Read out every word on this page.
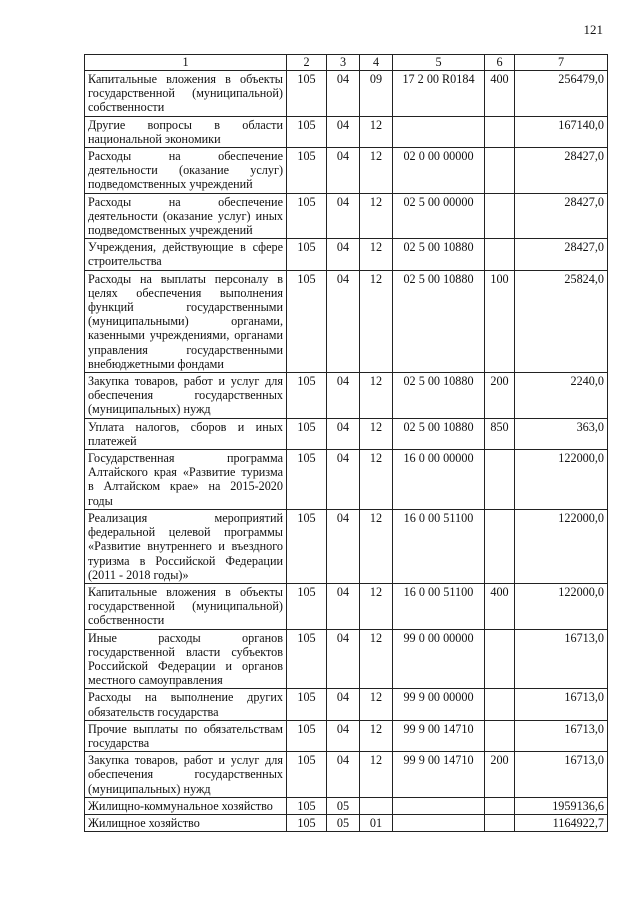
121
1	2	3	4	5	6	7
Капитальные вложения в объекты государственной (муниципальной) собственности	105	04	09	17 2 00 R0184	400	256479,0
Другие вопросы в области национальной экономики	105	04	12			167140,0
Расходы на обеспечение деятельности (оказание услуг) подведомственных учреждений	105	04	12	02 0 00 00000		28427,0
Расходы на обеспечение деятельности (оказание услуг) иных подведомственных учреждений	105	04	12	02 5 00 00000		28427,0
Учреждения, действующие в сфере строительства	105	04	12	02 5 00 10880		28427,0
Расходы на выплаты персоналу в целях обеспечения выполнения функций государственными (муниципальными) органами, казенными учреждениями, органами управления государственными внебюджетными фондами	105	04	12	02 5 00 10880	100	25824,0
Закупка товаров, работ и услуг для обеспечения государственных (муниципальных) нужд	105	04	12	02 5 00 10880	200	2240,0
Уплата налогов, сборов и иных платежей	105	04	12	02 5 00 10880	850	363,0
Государственная программа Алтайского края «Развитие туризма в Алтайском крае» на 2015-2020 годы	105	04	12	16 0 00 00000		122000,0
Реализация мероприятий федеральной целевой программы «Развитие внутреннего и въездного туризма в Российской Федерации (2011 - 2018 годы)»	105	04	12	16 0 00 51100		122000,0
Капитальные вложения в объекты государственной (муниципальной) собственности	105	04	12	16 0 00 51100	400	122000,0
Иные расходы органов государственной власти субъектов Российской Федерации и органов местного самоуправления	105	04	12	99 0 00 00000		16713,0
Расходы на выполнение других обязательств государства	105	04	12	99 9 00 00000		16713,0
Прочие выплаты по обязательствам государства	105	04	12	99 9 00 14710		16713,0
Закупка товаров, работ и услуг для обеспечения государственных (муниципальных) нужд	105	04	12	99 9 00 14710	200	16713,0
Жилищно-коммунальное хозяйство	105	05				1959136,6
Жилищное хозяйство	105	05	01			1164922,7
